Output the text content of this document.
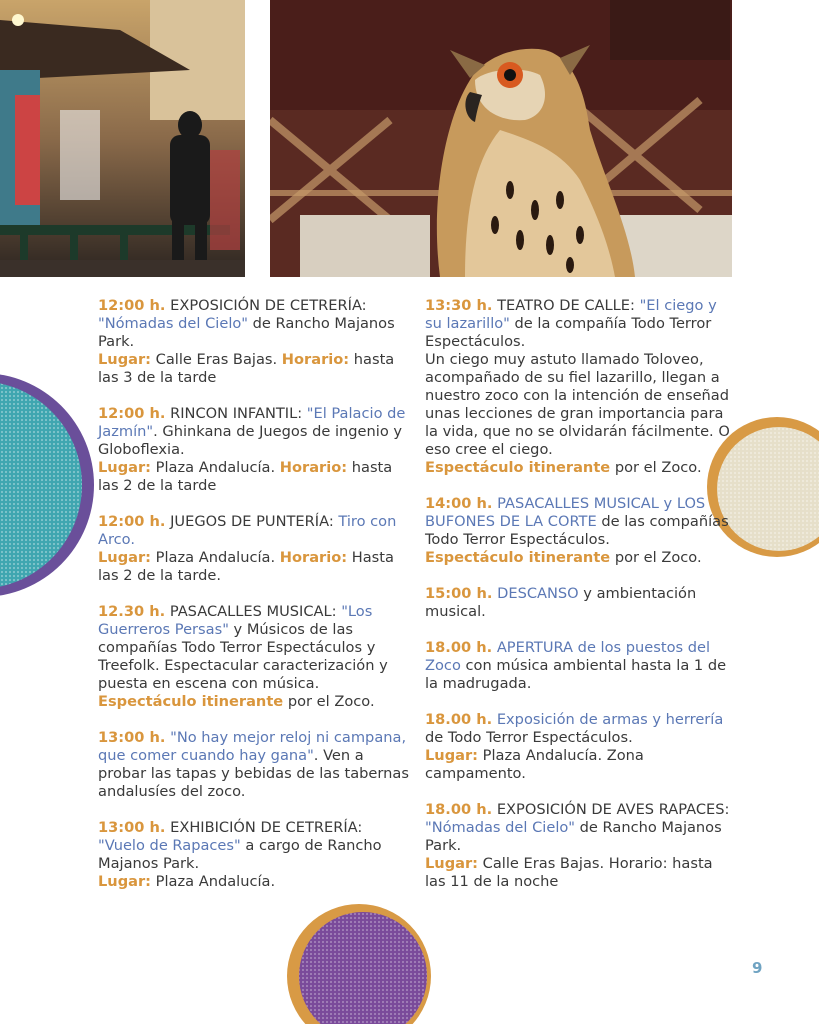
12:00 h. EXPOSICIÓN DE CETRERÍA: "Nómadas del Cielo" de Rancho Majanos Park.
Lugar: Calle Eras Bajas. Horario: hasta las 3 de la tarde
12:00 h. RINCON INFANTIL: "El Palacio de Jazmín". Ghinkana de Juegos de ingenio y Globoflexia.
Lugar: Plaza Andalucía. Horario: hasta las 2 de la tarde
12:00 h. JUEGOS DE PUNTERÍA: Tiro con Arco.
Lugar: Plaza Andalucía. Horario: Hasta las 2 de la tarde.
12.30 h. PASACALLES MUSICAL: "Los Guerreros Persas" y Músicos de las compañías Todo Terror Espectáculos y Treefolk. Espectacular caracterización y puesta en escena con música.
Espectáculo itinerante por el Zoco.
13:00 h. "No hay mejor reloj ni campana, que comer cuando hay gana". Ven a probar las tapas y bebidas de las tabernas andalusíes del zoco.
13:00 h. EXHIBICIÓN DE CETRERÍA: "Vuelo de Rapaces" a cargo de Rancho Majanos Park.
Lugar: Plaza Andalucía.
13:30 h. TEATRO DE CALLE: "El ciego y su lazarillo" de la compañía Todo Terror Espectáculos.
Un ciego muy astuto llamado Toloveo, acompañado de su fiel lazarillo, llegan a nuestro zoco con la intención de enseñad unas lecciones de gran importancia para la vida, que no se olvidarán fácilmente. O eso cree el ciego.
Espectáculo itinerante por el Zoco.
14:00 h. PASACALLES MUSICAL y LOS BUFONES DE LA CORTE de las compañías Todo Terror Espectáculos.
Espectáculo itinerante por el Zoco.
15:00 h. DESCANSO y ambientación musical.
18.00 h. APERTURA de los puestos del Zoco con música ambiental hasta la 1 de la madrugada.
18.00 h. Exposición de armas y herrería de Todo Terror Espectáculos.
Lugar: Plaza Andalucía. Zona campamento.
18.00 h. EXPOSICIÓN DE AVES RAPACES: "Nómadas del Cielo" de Rancho Majanos Park.
Lugar: Calle Eras Bajas. Horario: hasta las 11 de la noche
9
